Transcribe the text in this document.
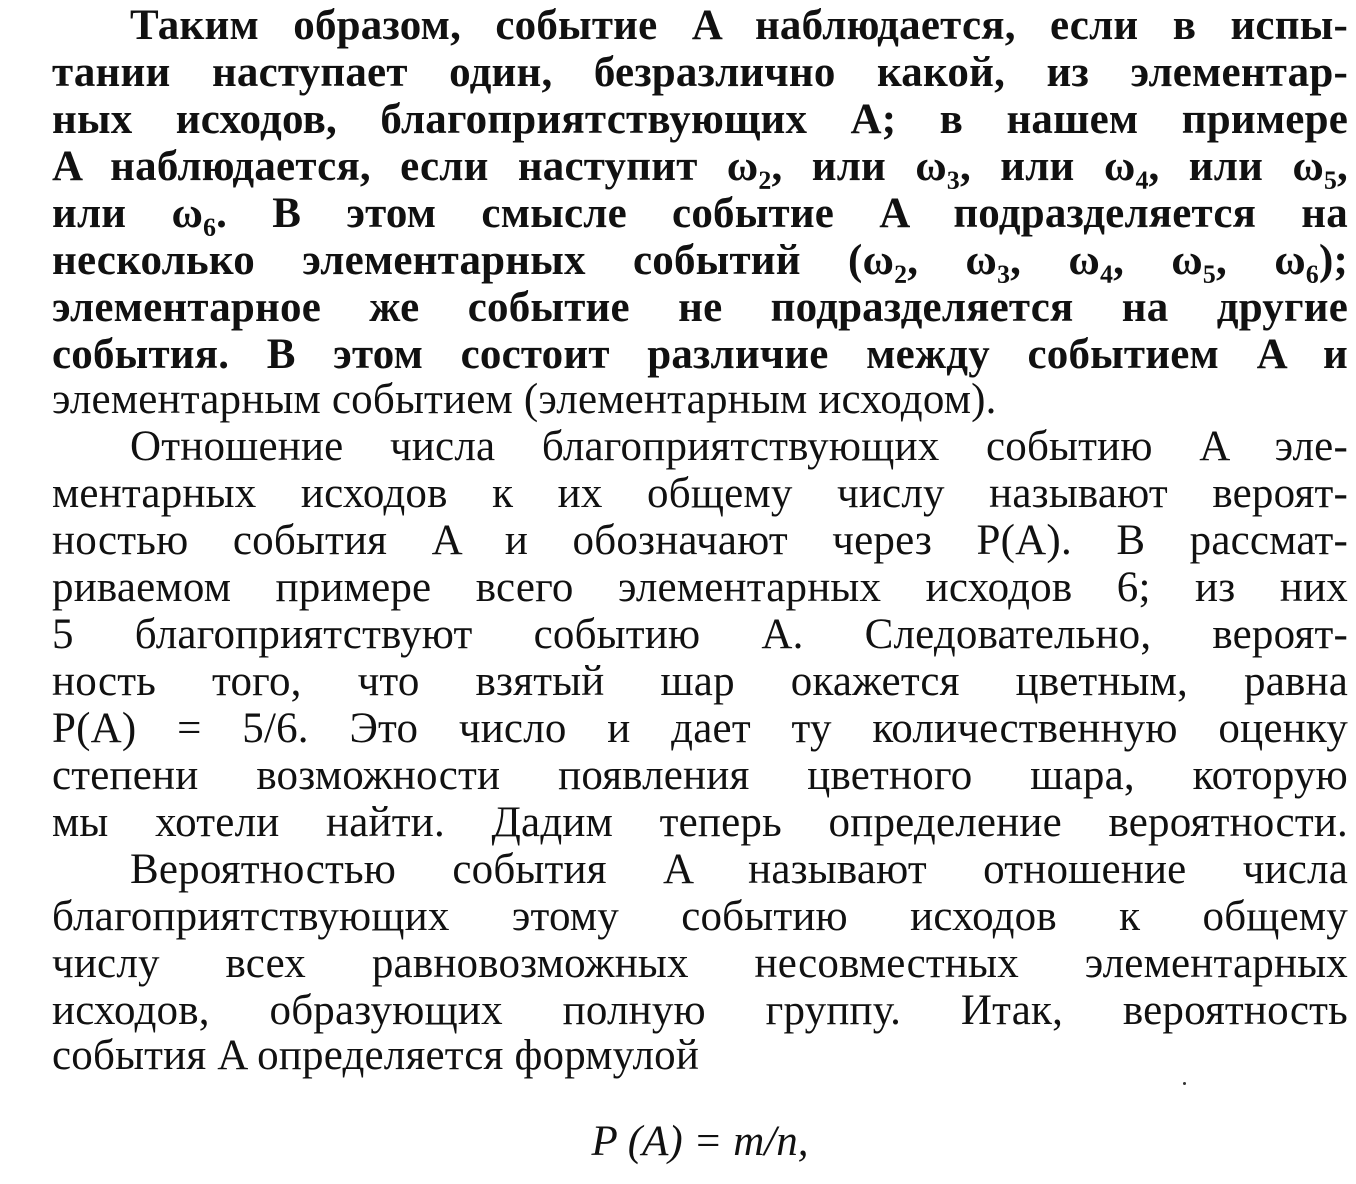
Таким образом, событие A наблюдается, если в испы-
тании наступает один, безразлично какой, из элементар-
ных исходов, благоприятствующих A; в нашем примере
A наблюдается, если наступит ω₂, или ω₃, или ω₄, или ω₅,
или ω₆. В этом смысле событие A подразделяется на
несколько элементарных событий (ω₂, ω₃, ω₄, ω₅, ω₆);
элементарное же событие не подразделяется на другие
события. В этом состоит различие между событием A и
элементарным событием (элементарным исходом).
Отношение числа благоприятствующих событию A эле-
ментарных исходов к их общему числу называют вероят-
ностью события A и обозначают через P(A). В рассмат-
риваемом примере всего элементарных исходов 6; из них
5 благоприятствуют событию A. Следовательно, вероят-
ность того, что взятый шар окажется цветным, равна
P(A) = 5/6. Это число и дает ту количественную оценку
степени возможности появления цветного шара, которую
мы хотели найти. Дадим теперь определение вероятности.
Вероятностью события A называют отношение числа
благоприятствующих этому событию исходов к общему
числу всех равновозможных несовместных элементарных
исходов, образующих полную группу. Итак, вероятность
события A определяется формулой
P (A) = m/n,
